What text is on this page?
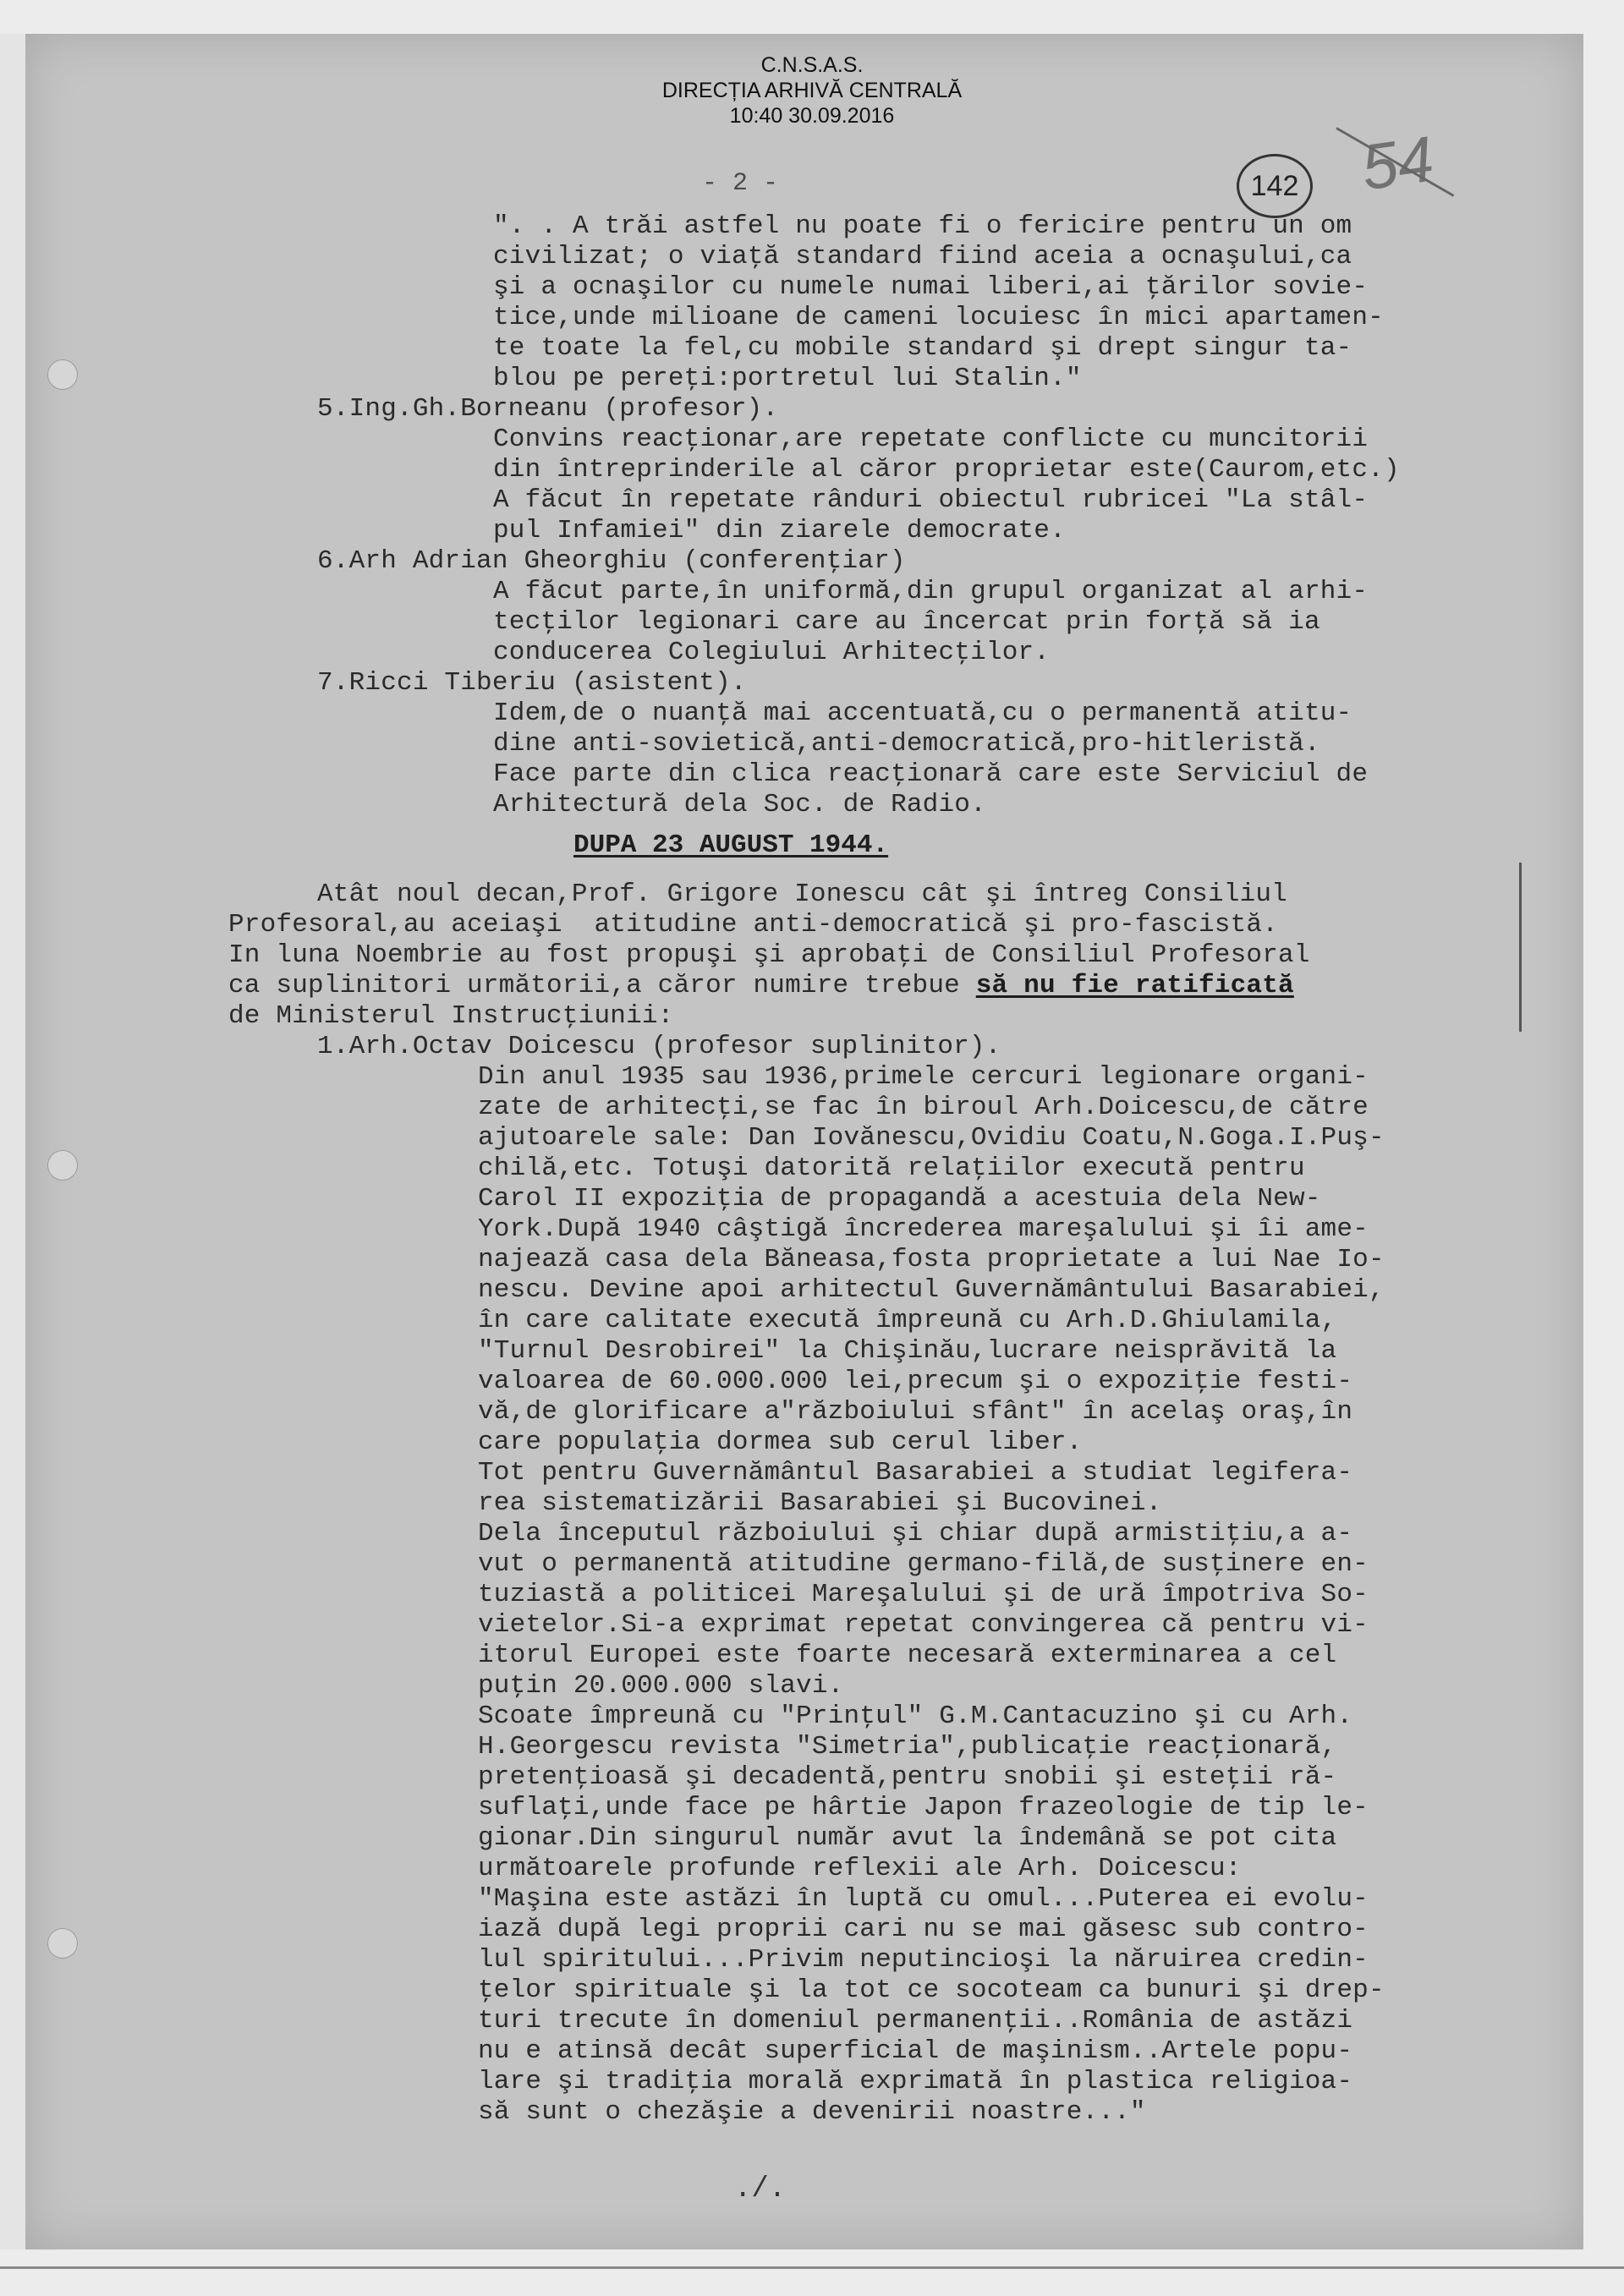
C.N.S.A.S.
DIRECȚIA ARHIVĂ CENTRALĂ
10:40 30.09.2016
- 2 -	142
". . A trăi astfel nu poate fi o fericire pentru un om
civilizat; o viaţă standard fiind aceia a ocnaşului,ca
şi a ocnaşilor cu numele numai liberi,ai ţărilor sovie-
tice,unde milioane de cameni locuiesc în mici apartamen-
te toate la fel,cu mobile standard şi drept singur ta-
blou pe pereţi:portretul lui Stalin."
5.Ing.Gh.Borneanu (profesor).
Convins reacţionar,are repetate conflicte cu muncitorii
din întreprinderile al căror proprietar este(Caurom,etc.)
A făcut în repetate rânduri obiectul rubricei "La stâl-
pul Infamiei" din ziarele democrate.
6.Arh Adrian Gheorghiu (conferenţiar)
A făcut parte,în uniformă,din grupul organizat al arhi-
tecţilor legionari care au încercat prin forţă să ia
conducerea Colegiului Arhitecţilor.
7.Ricci Tiberiu (asistent).
Idem,de o nuanţă mai accentuată,cu o permanentă atitu-
dine anti-sovietică,anti-democratică,pro-hitleristă.
Face parte din clica reacţionară care este Serviciul de
Arhitectură dela Soc. de Radio.
DUPA 23 AUGUST 1944.
Atât noul decan,Prof. Grigore Ionescu cât şi întreg Consiliul
Profesoral,au aceiaşi  atitudine anti-democratică şi pro-fascistă.
In luna Noembrie au fost propuşi şi aprobaţi de Consiliul Profesoral
ca suplinitori următorii,a căror numire trebue să nu fie ratificată
de Ministerul Instrucţiunii:
1.Arh.Octav Doicescu (profesor suplinitor).
Din anul 1935 sau 1936,primele cercuri legionare organi-
zate de arhitecţi,se fac în biroul Arh.Doicescu,de către
ajutoarele sale: Dan Iovănescu,Ovidiu Coatu,N.Goga.I.Puş-
chilă,etc. Totuşi datorită relaţiilor execută pentru
Carol II expoziţia de propagandă a acestuia dela New-
York.După 1940 câştigă încrederea mareşalului şi îi ame-
najează casa dela Băneasa,fosta proprietate a lui Nae Io-
nescu. Devine apoi arhitectul Guvernământului Basarabiei,
în care calitate execută împreună cu Arh.D.Ghiulamila,
"Turnul Desrobirei" la Chişinău,lucrare neisprăvită la
valoarea de 60.000.000 lei,precum şi o expoziţie festi-
vă,de glorificare a"războiului sfânt" în acelaş oraş,în
care populaţia dormea sub cerul liber.
Tot pentru Guvernământul Basarabiei a studiat legifera-
rea sistematizării Basarabiei şi Bucovinei.
Dela începutul războiului şi chiar după armistiţiu,a a-
vut o permanentă atitudine germano-filă,de susţinere en-
tuziastă a politicei Mareşalului şi de ură împotriva So-
vietelor.Si-a exprimat repetat convingerea că pentru vi-
itorul Europei este foarte necesară exterminarea a cel
puţin 20.000.000 slavi.
Scoate împreună cu "Prinţul" G.M.Cantacuzino şi cu Arh.
H.Georgescu revista "Simetria",publicaţie reacţionară,
pretenţioasă şi decadentă,pentru snobii şi esteţii ră-
suflaţi,unde face pe hârtie Japon frazeologie de tip le-
gionar.Din singurul număr avut la îndemână se pot cita
următoarele profunde reflexii ale Arh. Doicescu:
"Maşina este astăzi în luptă cu omul...Puterea ei evolu-
iază după legi proprii cari nu se mai găsesc sub contro-
lul spiritului...Privim neputincioşi la năruirea credin-
ţelor spirituale şi la tot ce socoteam ca bunuri şi drep-
turi trecute în domeniul permanenţii..România de astăzi
nu e atinsă decât superficial de maşinism..Artele popu-
lare şi tradiţia morală exprimată în plastica religioa-
să sunt o chezăşie a devenirii noastre..."
./.
